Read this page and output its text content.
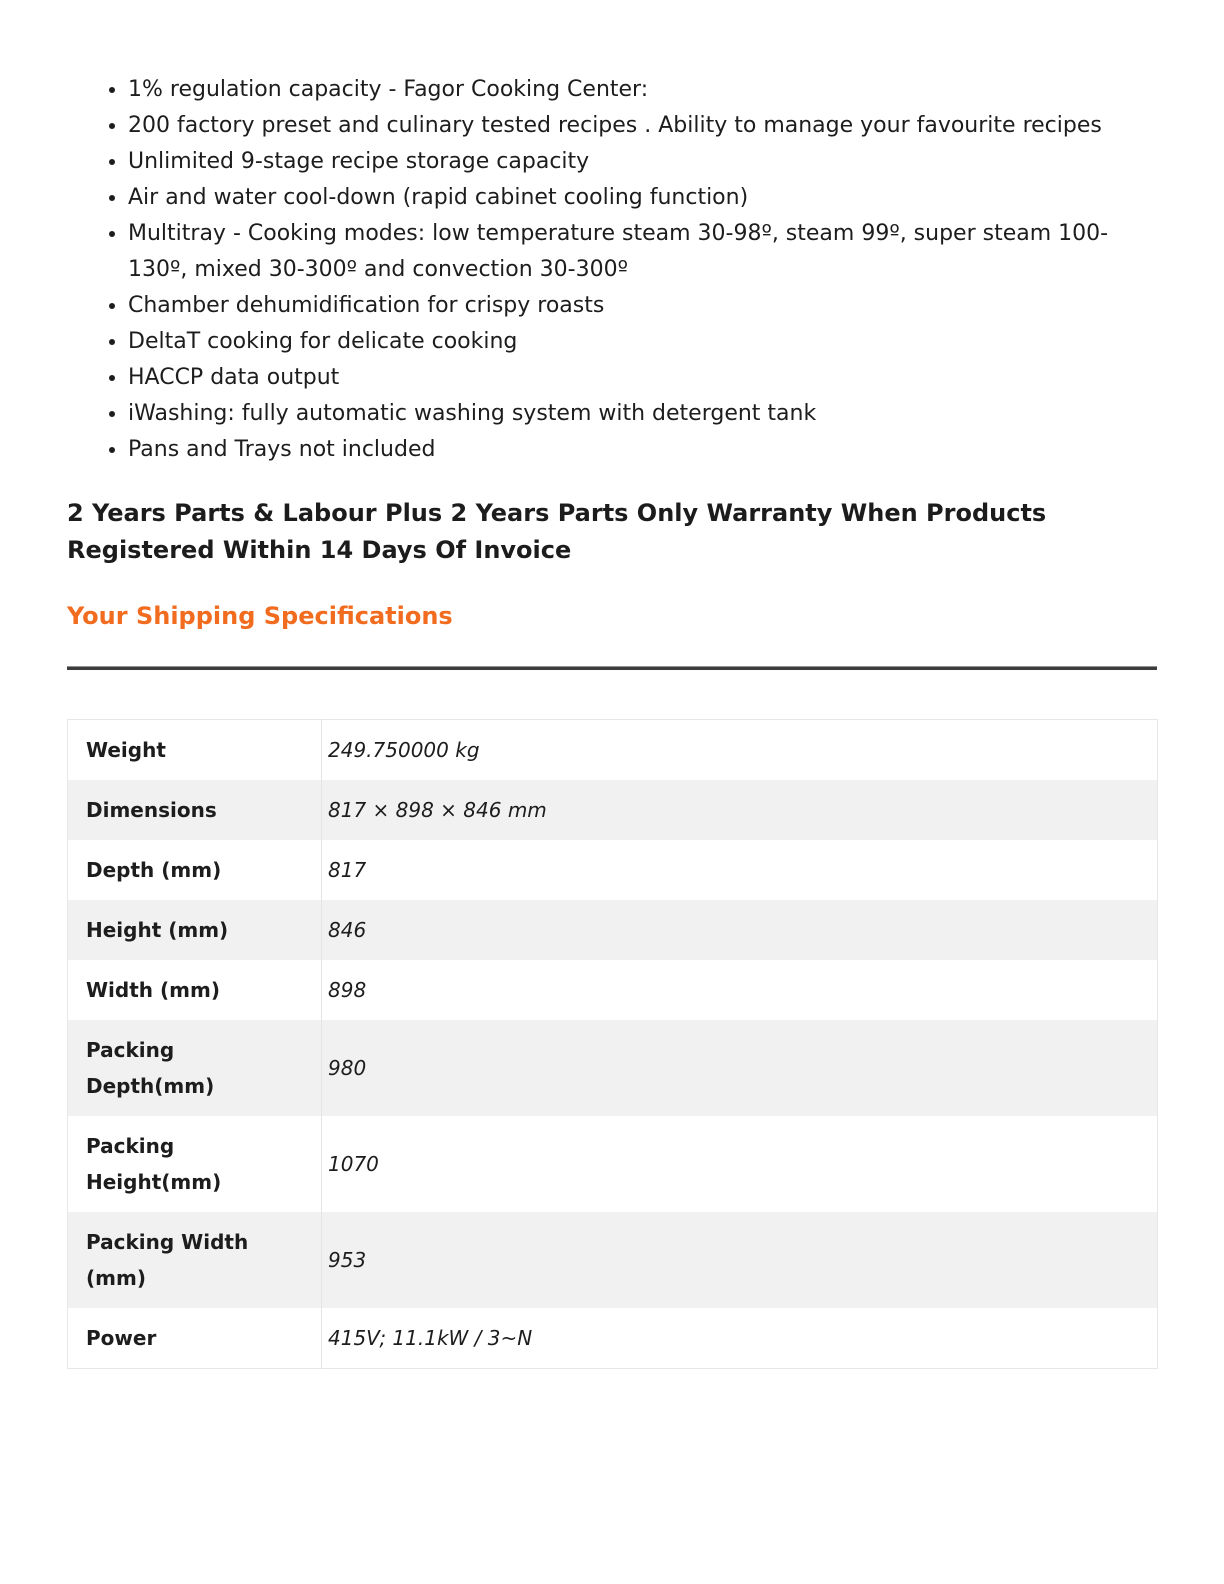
• 1% regulation capacity - Fagor Cooking Center:
• 200 factory preset and culinary tested recipes . Ability to manage your favourite recipes
• Unlimited 9-stage recipe storage capacity
• Air and water cool-down (rapid cabinet cooling function)
• Multitray - Cooking modes: low temperature steam 30-98º, steam 99º, super steam 100- 130º, mixed 30-300º and convection 30-300º
• Chamber dehumidification for crispy roasts
• DeltaT cooking for delicate cooking
• HACCP data output
• iWashing: fully automatic washing system with detergent tank
• Pans and Trays not included

2 Years Parts & Labour Plus 2 Years Parts Only Warranty When Products Registered Within 14 Days Of Invoice

Your Shipping Specifications
Weight	249.750000 kg
Dimensions	817 × 898 × 846 mm
Depth (mm)	817
Height (mm)	846
Width (mm)	898
Packing Depth(mm)	980
Packing Height(mm)	1070
Packing Width (mm)	953
Power	415V; 11.1kW / 3~N
